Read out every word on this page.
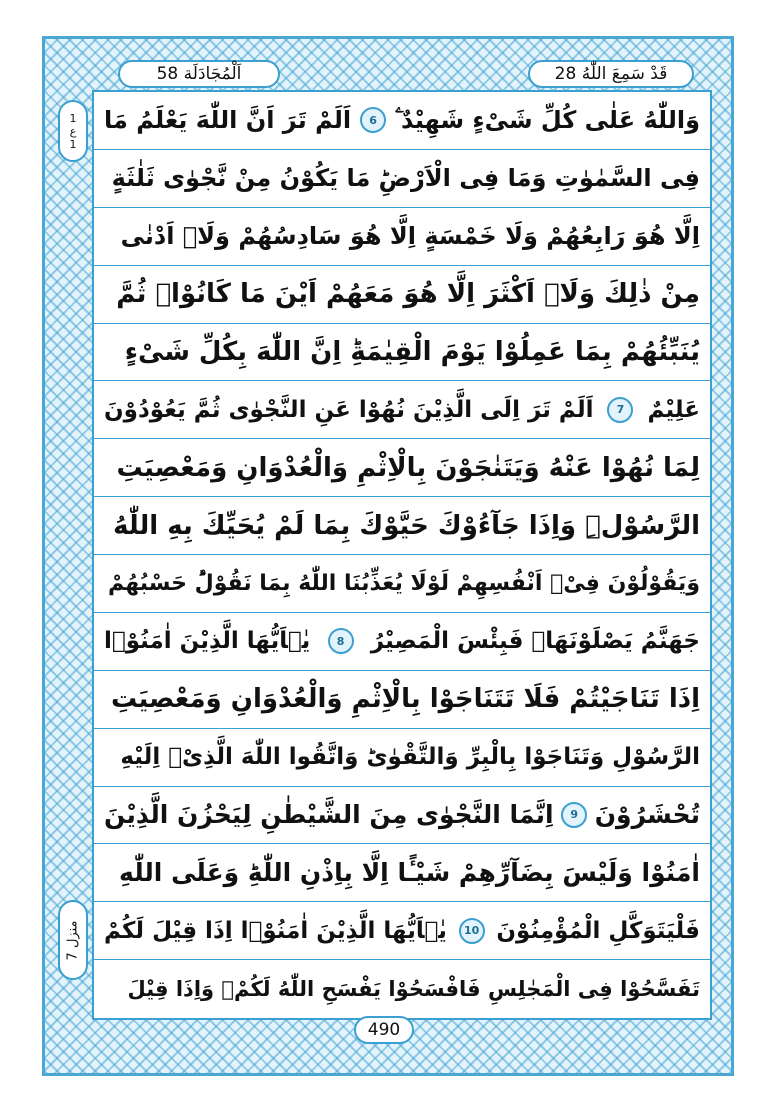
قَدْ سَمِعَ اللّٰهُ 28
اَلْمُجَادَلَة 58
1
ع
1
منزل 7
وَاللّٰهُ عَلٰى كُلِّ شَیْءٍ شَهِیْدٌ ۧ
6
اَلَمْ تَرَ اَنَّ اللّٰهَ یَعْلَمُ مَا
فِی السَّمٰوٰتِ وَمَا فِی الْاَرْضِؕ مَا یَكُوْنُ مِنْ نَّجْوٰى ثَلٰثَةٍ
اِلَّا هُوَ رَابِعُهُمْ وَلَا خَمْسَةٍ اِلَّا هُوَ سَادِسُهُمْ وَلَاۤ اَدْنٰى
مِنْ ذٰلِكَ وَلَاۤ اَكْثَرَ اِلَّا هُوَ مَعَهُمْ اَیْنَ مَا كَانُوْاۚ ثُمَّ
یُنَبِّئُهُمْ بِمَا عَمِلُوْا یَوْمَ الْقِیٰمَةِؕ اِنَّ اللّٰهَ بِكُلِّ شَیْءٍ
عَلِیْمٌ
7
اَلَمْ تَرَ اِلَى الَّذِیْنَ نُهُوْا عَنِ النَّجْوٰى ثُمَّ یَعُوْدُوْنَ
لِمَا نُهُوْا عَنْهُ وَیَتَنٰجَوْنَ بِالْاِثْمِ وَالْعُدْوَانِ وَمَعْصِیَتِ
الرَّسُوْلِ٘ وَاِذَا جَآءُوْكَ حَیَّوْكَ بِمَا لَمْ یُحَیِّكَ بِهِ اللّٰهُ
وَیَقُوْلُوْنَ فِیْۤ اَنْفُسِهِمْ لَوْلَا یُعَذِّبُنَا اللّٰهُ بِمَا نَقُوْلُؕ حَسْبُهُمْ
جَهَنَّمُ یَصْلَوْنَهَاۚ فَبِئْسَ الْمَصِیْرُ
8
یٰۤاَیُّهَا الَّذِیْنَ اٰمَنُوْۤا
اِذَا تَنَاجَیْتُمْ فَلَا تَتَنَاجَوْا بِالْاِثْمِ وَالْعُدْوَانِ وَمَعْصِیَتِ
الرَّسُوْلِ وَتَنَاجَوْا بِالْبِرِّ وَالتَّقْوٰىؕ وَاتَّقُوا اللّٰهَ الَّذِیْۤ اِلَیْهِ
تُحْشَرُوْنَ
9
اِنَّمَا النَّجْوٰى مِنَ الشَّیْطٰنِ لِیَحْزُنَ الَّذِیْنَ
اٰمَنُوْا وَلَیْسَ بِضَآرِّهِمْ شَیْـًٔا اِلَّا بِاِذْنِ اللّٰهِؕ وَعَلَى اللّٰهِ
فَلْیَتَوَكَّلِ الْمُؤْمِنُوْنَ
10
یٰۤاَیُّهَا الَّذِیْنَ اٰمَنُوْۤا اِذَا قِیْلَ لَكُمْ
تَفَسَّحُوْا فِی الْمَجٰلِسِ فَافْسَحُوْا یَفْسَحِ اللّٰهُ لَكُمْۚ وَاِذَا قِیْلَ
490
